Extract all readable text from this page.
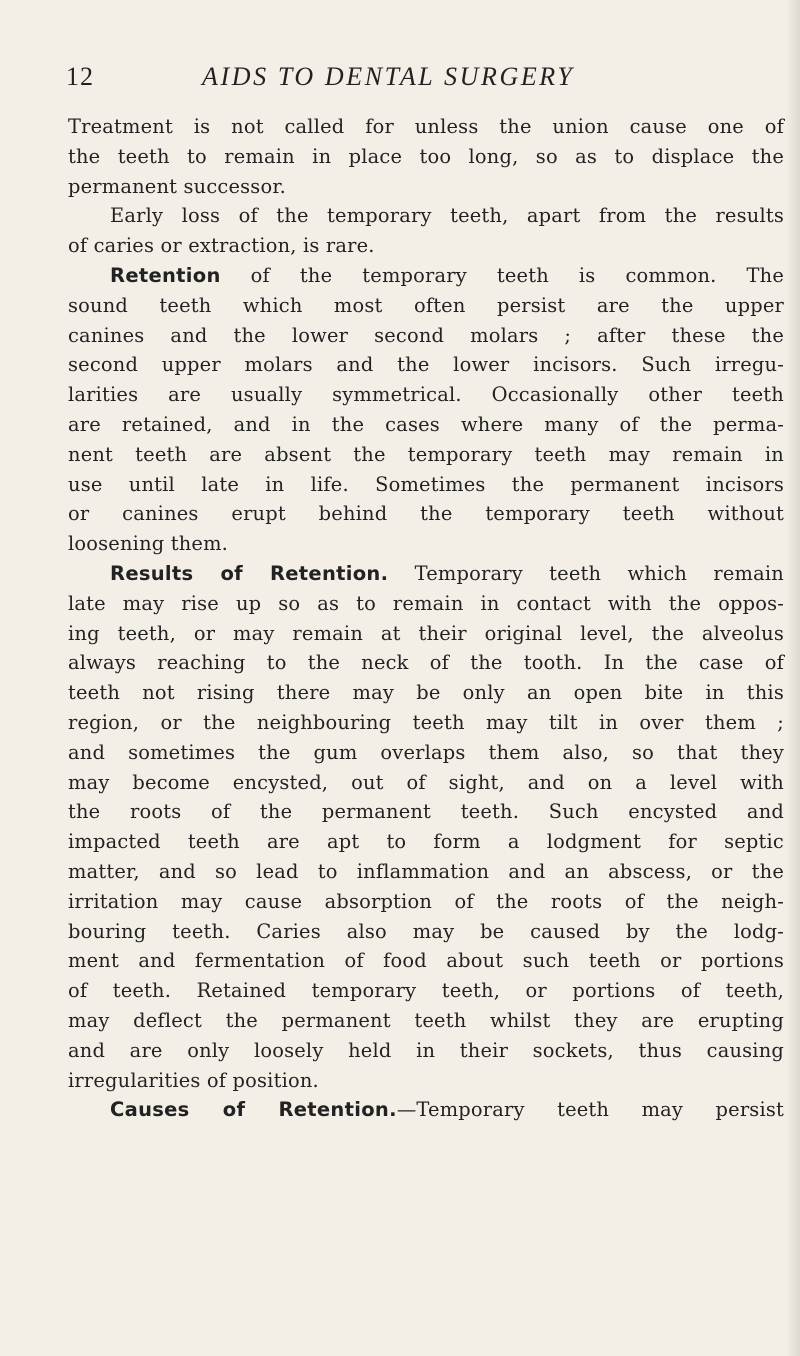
12	AIDS TO DENTAL SURGERY
Treatment is not called for unless the union cause one of
the teeth to remain in place too long, so as to displace the
permanent successor.
Early loss of the temporary teeth, apart from the results
of caries or extraction, is rare.
Retention of the temporary teeth is common. The
sound teeth which most often persist are the upper
canines and the lower second molars ; after these the
second upper molars and the lower incisors. Such irregu-
larities are usually symmetrical. Occasionally other teeth
are retained, and in the cases where many of the perma-
nent teeth are absent the temporary teeth may remain in
use until late in life. Sometimes the permanent incisors
or canines erupt behind the temporary teeth without
loosening them.
Results of Retention. Temporary teeth which remain
late may rise up so as to remain in contact with the oppos-
ing teeth, or may remain at their original level, the alveolus
always reaching to the neck of the tooth. In the case of
teeth not rising there may be only an open bite in this
region, or the neighbouring teeth may tilt in over them ;
and sometimes the gum overlaps them also, so that they
may become encysted, out of sight, and on a level with
the roots of the permanent teeth. Such encysted and
impacted teeth are apt to form a lodgment for septic
matter, and so lead to inflammation and an abscess, or the
irritation may cause absorption of the roots of the neigh-
bouring teeth. Caries also may be caused by the lodg-
ment and fermentation of food about such teeth or portions
of teeth. Retained temporary teeth, or portions of teeth,
may deflect the permanent teeth whilst they are erupting
and are only loosely held in their sockets, thus causing
irregularities of position.
Causes of Retention.—Temporary teeth may persist
